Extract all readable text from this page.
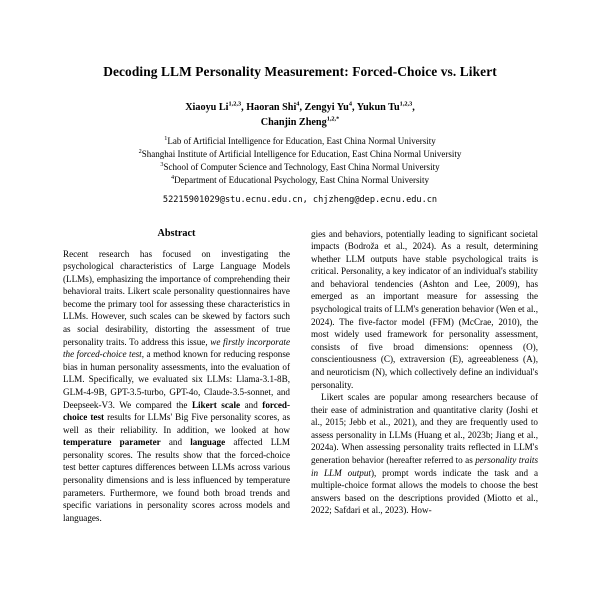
Decoding LLM Personality Measurement: Forced-Choice vs. Likert

Xiaoyu Li$^{1,2,3}$, Haoran Shi$^4$, Zengyi Yu$^4$, Yukun Tu$^{1,2,3}$,
Chanjin Zheng$^{1,2,*}$

$^1$Lab of Artificial Intelligence for Education, East China Normal University
$^2$Shanghai Institute of Artificial Intelligence for Education, East China Normal University
$^3$School of Computer Science and Technology, East China Normal University
$^4$Department of Educational Psychology, East China Normal University

52215901029@stu.ecnu.edu.cn, chjzheng@dep.ecnu.edu.cn

Abstract

Recent research has focused on investigating the psychological characteristics of Large Language Models (LLMs), emphasizing the importance of comprehending their behavioral traits. Likert scale personality questionnaires have become the primary tool for assessing these characteristics in LLMs. However, such scales can be skewed by factors such as social desirability, distorting the assessment of true personality traits. To address this issue, we firstly incorporate the forced-choice test, a method known for reducing response bias in human personality assessments, into the evaluation of LLM. Specifically, we evaluated six LLMs: Llama-3.1-8B, GLM-4-9B, GPT-3.5-turbo, GPT-4o, Claude-3.5-sonnet, and Deepseek-V3. We compared the Likert scale and forced-choice test results for LLMs' Big Five personality scores, as well as their reliability. In addition, we looked at how temperature parameter and language affected LLM personality scores. The results show that the forced-choice test better captures differences between LLMs across various personality dimensions and is less influenced by temperature parameters. Furthermore, we found both broad trends and specific variations in personality scores across models and languages.

gies and behaviors, potentially leading to significant societal impacts (Bodroža et al., 2024). As a result, determining whether LLM outputs have stable psychological traits is critical. Personality, a key indicator of an individual's stability and behavioral tendencies (Ashton and Lee, 2009), has emerged as an important measure for assessing the psychological traits of LLM's generation behavior (Wen et al., 2024). The five-factor model (FFM) (McCrae, 2010), the most widely used framework for personality assessment, consists of five broad dimensions: openness (O), conscientiousness (C), extraversion (E), agreeableness (A), and neuroticism (N), which collectively define an individual's personality.

Likert scales are popular among researchers because of their ease of administration and quantitative clarity (Joshi et al., 2015; Jebb et al., 2021), and they are frequently used to assess personality in LLMs (Huang et al., 2023b; Jiang et al., 2024a). When assessing personality traits reflected in LLM's generation behavior (hereafter referred to as personality traits in LLM output), prompt words indicate the task and a multiple-choice format allows the models to choose the best answers based on the descriptions provided (Miotto et al., 2022; Safdari et al., 2023). How-
